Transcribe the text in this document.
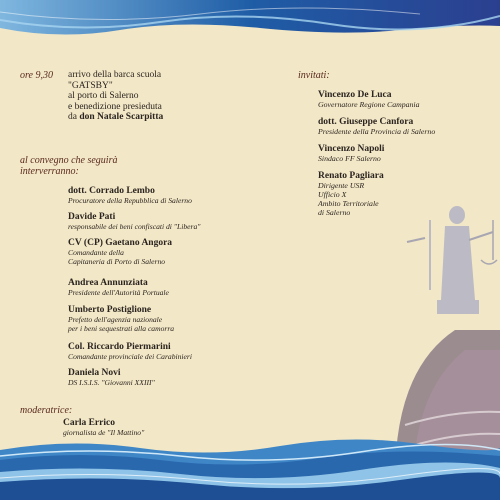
ore 9,30 arrivo della barca scuola
"GATSBY"
al porto di Salerno
e benedizione presieduta
da don Natale Scarpitta
al convegno che seguirà
interverranno:
dott. Corrado Lembo
Procuratore della Repubblica di Salerno
Davide Pati
responsabile dei beni confiscati di "Libera"
CV (CP) Gaetano Angora
Comandante della
Capitaneria di Porto di Salerno
Andrea Annunziata
Presidente dell'Autorità Portuale
Umberto Postiglione
Prefetto dell'agenzia nazionale
per i beni sequestrati alla camorra
Col. Riccardo Piermarini
Comandante provinciale dei Carabinieri
Daniela Novi
DS I.S.I.S. "Giovanni XXIII"
moderatrice:
Carla Errico
giornalista de "Il Mattino"
invitati:
Vincenzo De Luca
Governatore Regione Campania
dott. Giuseppe Canfora
Presidente della Provincia di Salerno
Vincenzo Napoli
Sindaco FF Salerno
Renato Pagliara
Dirigente USR
Ufficio X
Ambito Territoriale
di Salerno
